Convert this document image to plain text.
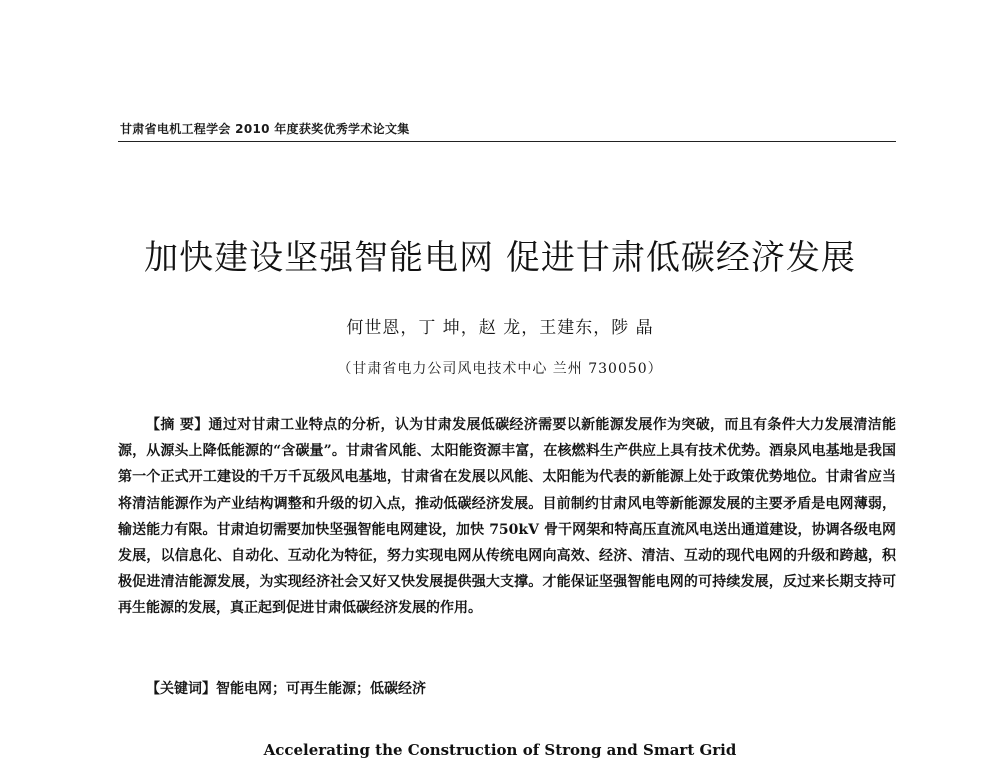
甘肃省电机工程学会 2010 年度获奖优秀学术论文集
加快建设坚强智能电网 促进甘肃低碳经济发展
何世恩，丁 坤，赵 龙，王建东，陟 晶
（甘肃省电力公司风电技术中心 兰州 730050）
【摘 要】通过对甘肃工业特点的分析，认为甘肃发展低碳经济需要以新能源发展作为突破，而且有条件大力发展清洁能源，从源头上降低能源的“含碳量”。甘肃省风能、太阳能资源丰富，在核燃料生产供应上具有技术优势。酒泉风电基地是我国第一个正式开工建设的千万千瓦级风电基地，甘肃省在发展以风能、太阳能为代表的新能源上处于政策优势地位。甘肃省应当将清洁能源作为产业结构调整和升级的切入点，推动低碳经济发展。目前制约甘肃风电等新能源发展的主要矛盾是电网薄弱，输送能力有限。甘肃迫切需要加快坚强智能电网建设，加快 750kV 骨干网架和特高压直流风电送出通道建设，协调各级电网发展，以信息化、自动化、互动化为特征，努力实现电网从传统电网向高效、经济、清洁、互动的现代电网的升级和跨越，积极促进清洁能源发展，为实现经济社会又好又快发展提供强大支撑。才能保证坚强智能电网的可持续发展，反过来长期支持可再生能源的发展，真正起到促进甘肃低碳经济发展的作用。
【关键词】智能电网；可再生能源；低碳经济
Accelerating the Construction of Strong and Smart Grid
